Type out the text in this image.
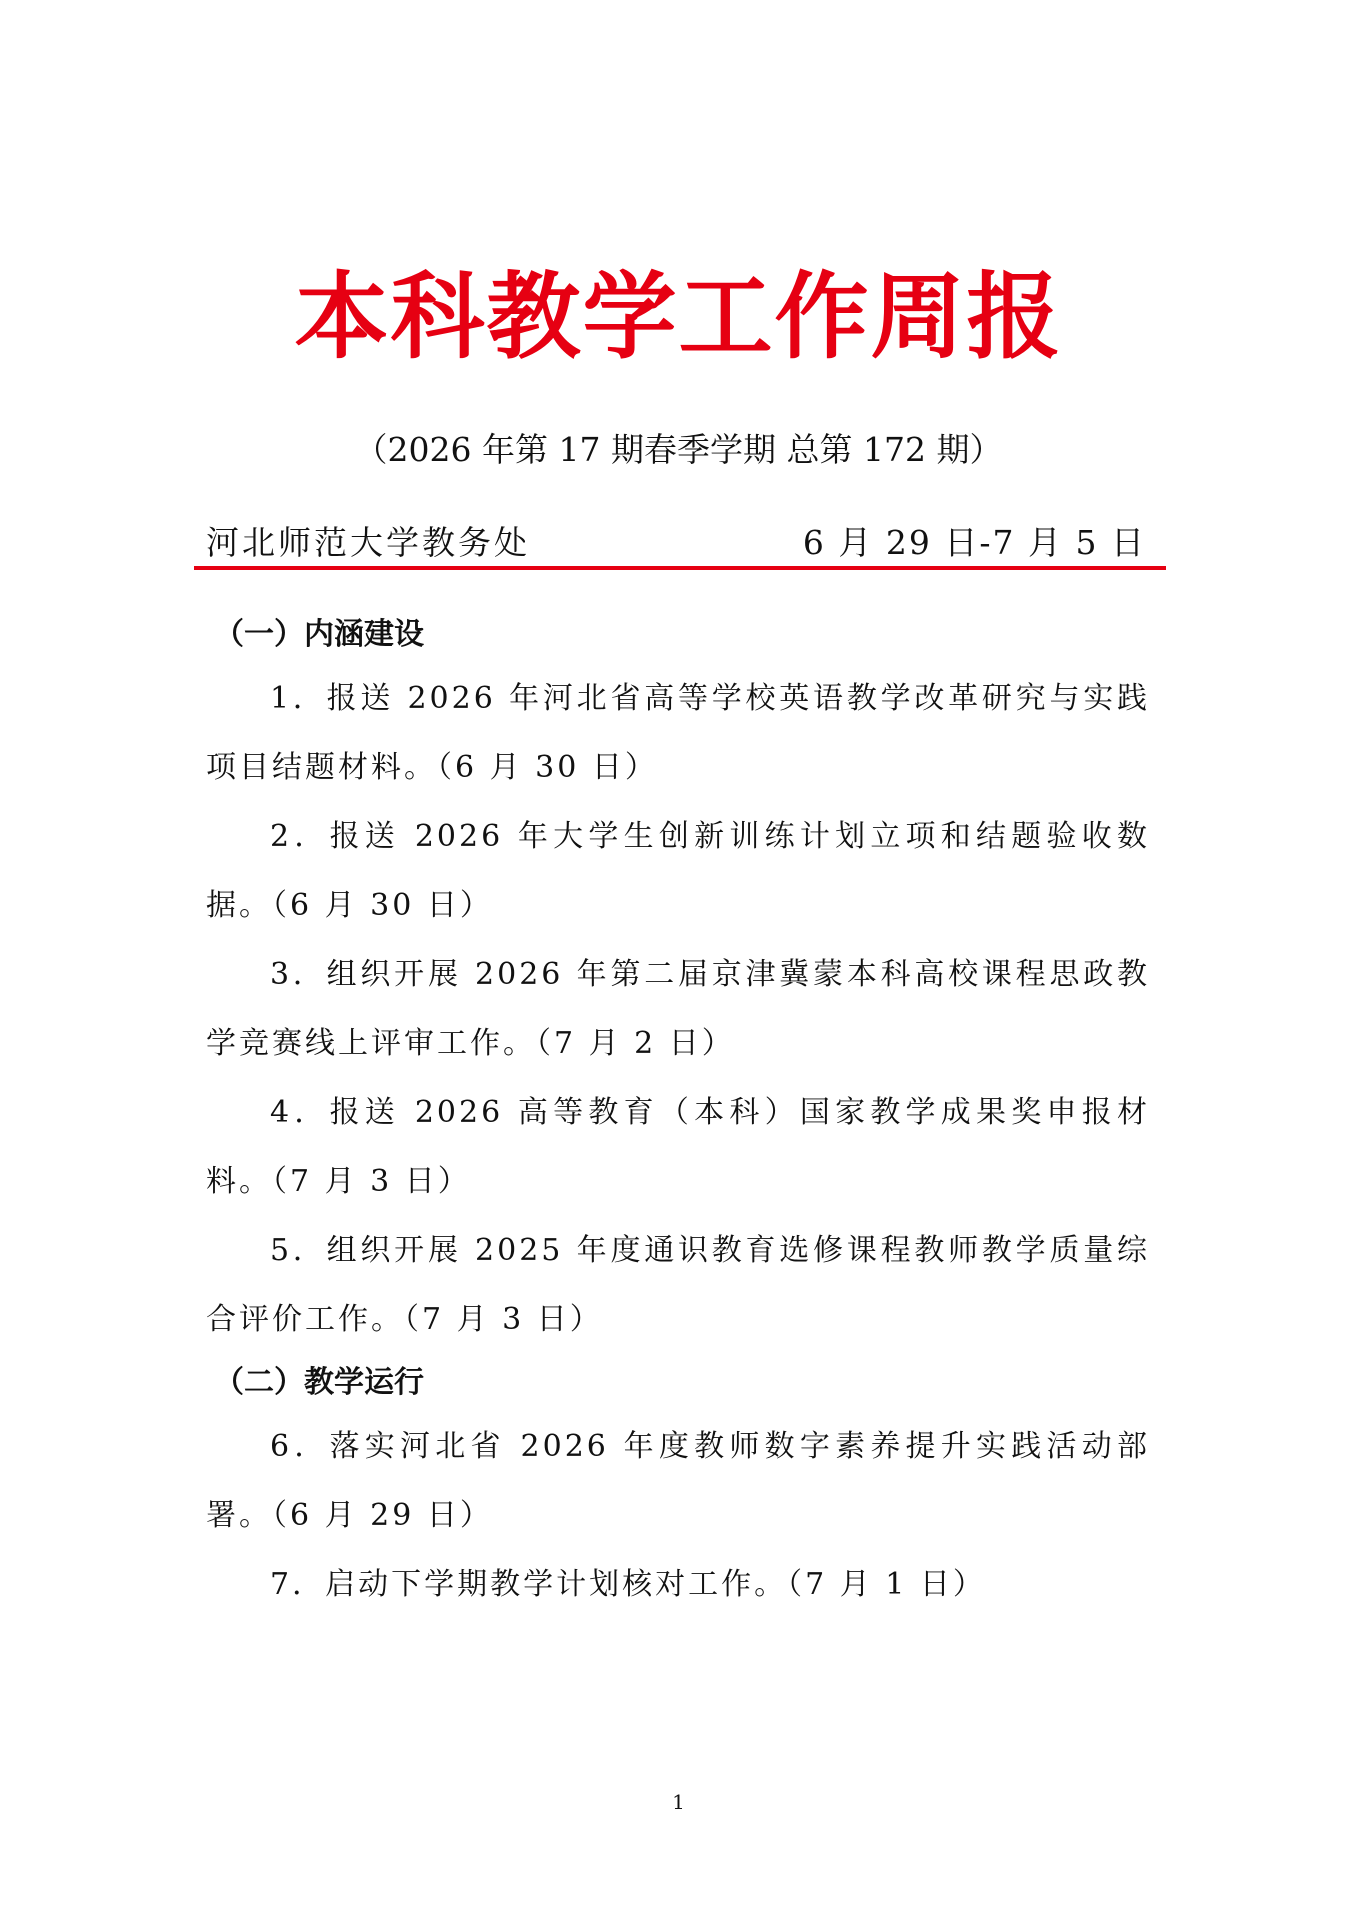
本科教学工作周报
（2026 年第 17 期春季学期 总第 172 期）
河北师范大学教务处	6 月 29 日-7 月 5 日
（一）内涵建设

1．报送 2026 年河北省高等学校英语教学改革研究与实践项目结题材料。（6 月 30 日）

2．报送 2026 年大学生创新训练计划立项和结题验收数据。（6 月 30 日）

3．组织开展 2026 年第二届京津冀蒙本科高校课程思政教学竞赛线上评审工作。（7 月 2 日）

4．报送 2026 高等教育（本科）国家教学成果奖申报材料。（7 月 3 日）

5．组织开展 2025 年度通识教育选修课程教师教学质量综合评价工作。（7 月 3 日）

（二）教学运行

6．落实河北省 2026 年度教师数字素养提升实践活动部署。（6 月 29 日）

7．启动下学期教学计划核对工作。（7 月 1 日）

1
